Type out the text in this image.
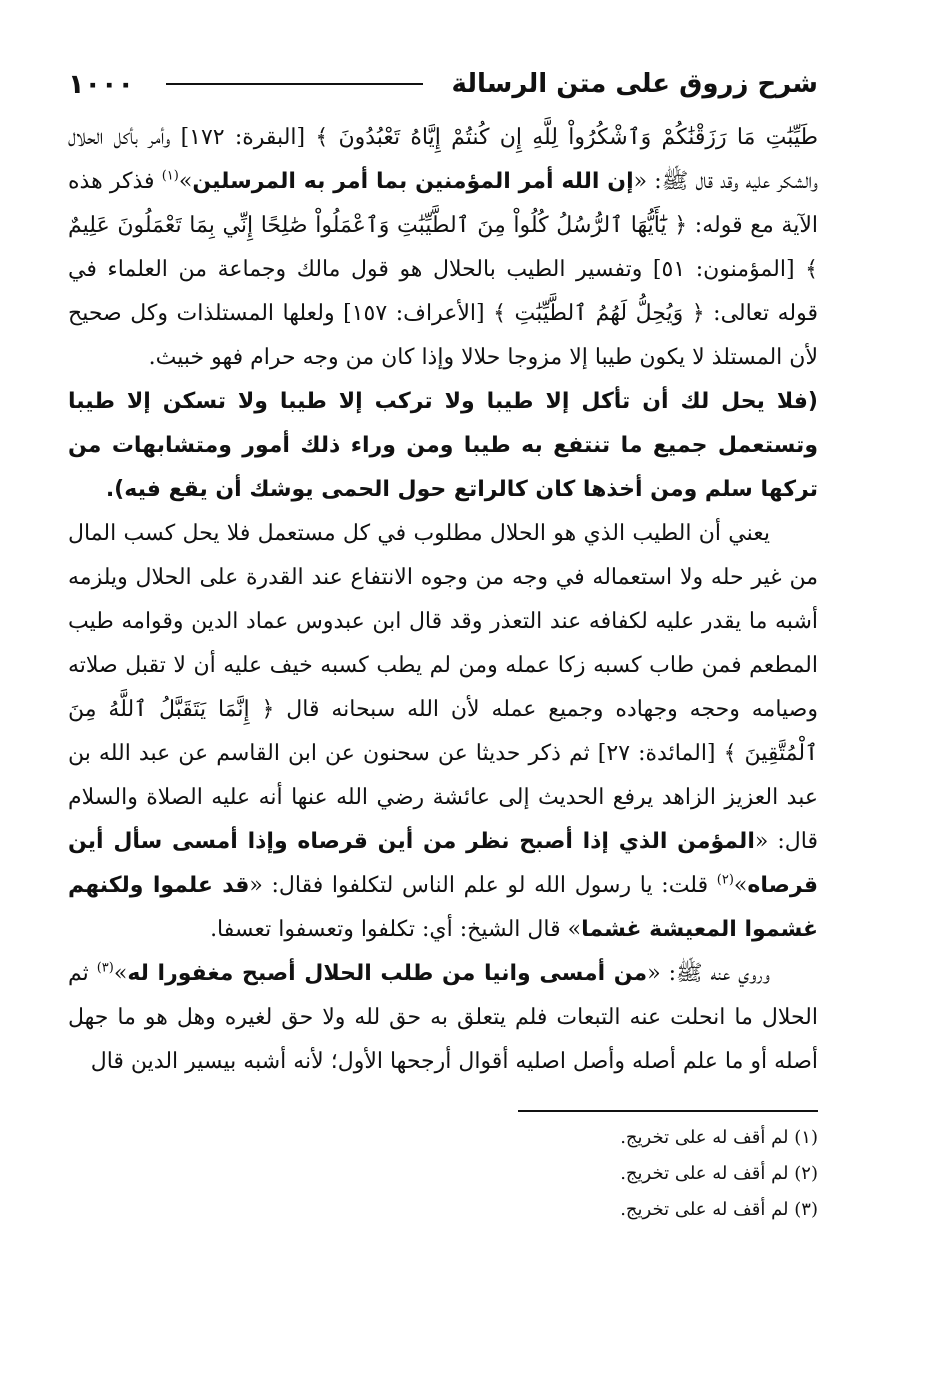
شرح زروق على متن الرسالة
١٠٠٠

طَيِّبَٰتِ مَا رَزَقْنَٰكُمْ وَٱشْكُرُواْ لِلَّهِ إِن كُنتُمْ إِيَّاهُ تَعْبُدُونَ ﴾ [البقرة: ١٧٢] وأمر بأكل الحلال والشكر عليه وقد قال ﷺ: «إن الله أمر المؤمنين بما أمر به المرسلين»$^{(١)}$ فذكر هذه الآية مع قوله: ﴿ يَٰٓأَيُّهَا ٱلرُّسُلُ كُلُواْ مِنَ ٱلطَّيِّبَٰتِ وَٱعْمَلُواْ صَٰلِحًا إِنِّي بِمَا تَعْمَلُونَ عَلِيمٌ ﴾ [المؤمنون: ٥١] وتفسير الطيب بالحلال هو قول مالك وجماعة من العلماء في قوله تعالى: ﴿ وَيُحِلُّ لَهُمُ ٱلطَّيِّبَٰتِ ﴾ [الأعراف: ١٥٧] ولعلها المستلذات وكل صحيح لأن المستلذ لا يكون طيبا إلا مزوجا حلالا وإذا كان من وجه حرام فهو خبيث.

(فلا يحل لك أن تأكل إلا طيبا ولا تركب إلا طيبا ولا تسكن إلا طيبا وتستعمل جميع ما تنتفع به طيبا ومن وراء ذلك أمور ومتشابهات من تركها سلم ومن أخذها كان كالراتع حول الحمى يوشك أن يقع فيه).

يعني أن الطيب الذي هو الحلال مطلوب في كل مستعمل فلا يحل كسب المال من غير حله ولا استعماله في وجه من وجوه الانتفاع عند القدرة على الحلال ويلزمه أشبه ما يقدر عليه لكفافه عند التعذر وقد قال ابن عبدوس عماد الدين وقوامه طيب المطعم فمن طاب كسبه زكا عمله ومن لم يطب كسبه خيف عليه أن لا تقبل صلاته وصيامه وحجه وجهاده وجميع عمله لأن الله سبحانه قال ﴿ إِنَّمَا يَتَقَبَّلُ ٱللَّهُ مِنَ ٱلْمُتَّقِينَ ﴾ [المائدة: ٢٧] ثم ذكر حديثا عن سحنون عن ابن القاسم عن عبد الله بن عبد العزيز الزاهد يرفع الحديث إلى عائشة رضي الله عنها أنه عليه الصلاة والسلام قال: «المؤمن الذي إذا أصبح نظر من أين قرصاه وإذا أمسى سأل أين قرصاه»$^{(٢)}$ قلت: يا رسول الله لو علم الناس لتكلفوا فقال: «قد علموا ولكنهم غشموا المعيشة غشما» قال الشيخ: أي: تكلفوا وتعسفوا تعسفا.

وروي عنه ﷺ: «من أمسى وانيا من طلب الحلال أصبح مغفورا له»$^{(٣)}$ ثم الحلال ما انحلت عنه التبعات فلم يتعلق به حق لله ولا حق لغيره وهل هو ما جهل أصله أو ما علم أصله وأصل اصليه أقوال أرجحها الأول؛ لأنه أشبه بيسير الدين قال

(١) لم أقف له على تخريج.

(٢) لم أقف له على تخريج.

(٣) لم أقف له على تخريج.
